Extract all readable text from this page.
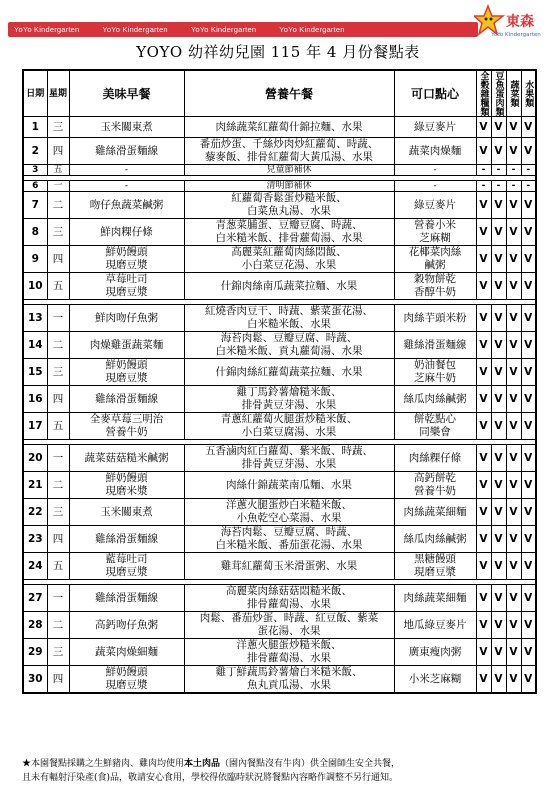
YoYo Kindergarten	YoYo Kindergarten	YoYo Kindergarten	YoYo Kindergarten	東森
YoYo Kindergarten
YOYO 幼祥幼兒園 115 年 4 月份餐點表
日期	星期	美味早餐	營養午餐	可口點心	全穀雜糧類	豆魚蛋肉類	蔬菜類	水果類
1	三	玉米關東煮	肉絲蔬菜紅蘿蔔什錦拉麵、水果	綠豆麥片	V	V	V	V
2	四	雞絲滑蛋麵線	番茄炒蛋、千絲炒肉炒紅蘿蔔、時蔬、
藜麥飯、排骨紅蘿蔔大黃瓜湯、水果	蔬菜肉燥麵	V	V	V	V
3	五	-	兒童節補休	-	-	-	-	-

6	一	-	清明節補休	-	-	-	-	-
7	二	吻仔魚蔬菜鹹粥	紅蘿蔔香鬆蛋炒糙米飯、
白菜魚丸湯、水果	綠豆麥片	V	V	V	V
8	三	鮮肉粿仔條	青葱菜脯蛋、豆瓣豆腐、時蔬、
白米糙米飯、排骨蘿蔔湯、水果	營養小米
芝麻糊	V	V	V	V
9	四	鮮奶饅頭
現磨豆漿	高麗菜紅蘿蔔肉絲悶飯、
小白菜豆花湯、水果	花椰菜肉絲
鹹粥	V	V	V	V
10	五	草莓吐司
現磨豆漿	什錦肉絲南瓜蔬菜拉麵、水果	穀物餅乾
香醇牛奶	V	V	V	V

13	一	鮮肉吻仔魚粥	紅燒香肉豆干、時蔬、紫菜蛋花湯、
白米糙米飯、水果	肉絲芋頭米粉	V	V	V	V
14	二	肉燥雞蛋蔬菜麵	海苔肉鬆、豆瓣豆腐、時蔬、
白米糙米飯、貢丸蘿蔔湯、水果	雞絲滑蛋麵線	V	V	V	V
15	三	鮮奶饅頭
現磨豆漿	什錦肉絲紅蘿蔔蔬菜拉麵、水果	奶油餐包
芝麻牛奶	V	V	V	V
16	四	雞絲滑蛋麵線	雞丁馬鈴薯燴糙米飯、
排骨黃豆芽湯、水果	絲瓜肉絲鹹粥	V	V	V	V
17	五	全麥草莓三明治
營養牛奶	青蔥紅蘿蔔火腿蛋炒糙米飯、
小白菜豆腐湯、水果	餅乾點心
同樂會	V	V	V	V

20	一	蔬菜菇菇糙米鹹粥	五香滷肉紅白蘿蔔、紫米飯、時蔬、
排骨黃豆芽湯、水果	肉絲粿仔條	V	V	V	V
21	二	鮮奶饅頭
現磨米漿	肉絲什錦蔬菜南瓜麵、水果	高鈣餅乾
營養牛奶	V	V	V	V
22	三	玉米關東煮	洋蔥火腿蛋炒白米糙米飯、
小魚乾空心菜湯、水果	肉絲蔬菜細麵	V	V	V	V
23	四	雞絲滑蛋麵線	海苔肉鬆、豆瓣豆腐、時蔬、
白米糙米飯、番茄蛋花湯、水果	絲瓜肉絲鹹粥	V	V	V	V
24	五	藍莓吐司
現磨豆漿	雞茸紅蘿蔔玉米滑蛋粥、水果	黑糖饅頭
現磨豆漿	V	V	V	V

27	一	雞絲滑蛋麵線	高麗菜肉絲菇菇悶糙米飯、
排骨蘿蔔湯、水果	肉絲蔬菜細麵	V	V	V	V
28	二	高鈣吻仔魚粥	肉鬆、番茄炒蛋、時蔬、紅豆飯、紫菜
蛋花湯、水果	地瓜綠豆麥片	V	V	V	V
29	三	蔬菜肉燥細麵	洋蔥火腿蛋炒糙米飯、
排骨蘿蔔湯、水果	廣東瘦肉粥	V	V	V	V
30	四	鮮奶饅頭
現磨豆漿	雞丁鮮蔬馬鈴薯燴白米糙米飯、
魚丸貢瓜湯、水果	小米芝麻糊	V	V	V	V
★本園餐點採購之生鮮豬肉、雞肉均使用本土肉品（園內餐點沒有牛肉）供全園師生安全共餐，
且未有輻射汙染產(食)品，敬請安心食用，學校得依臨時狀況將餐點內容略作調整不另行通知。
